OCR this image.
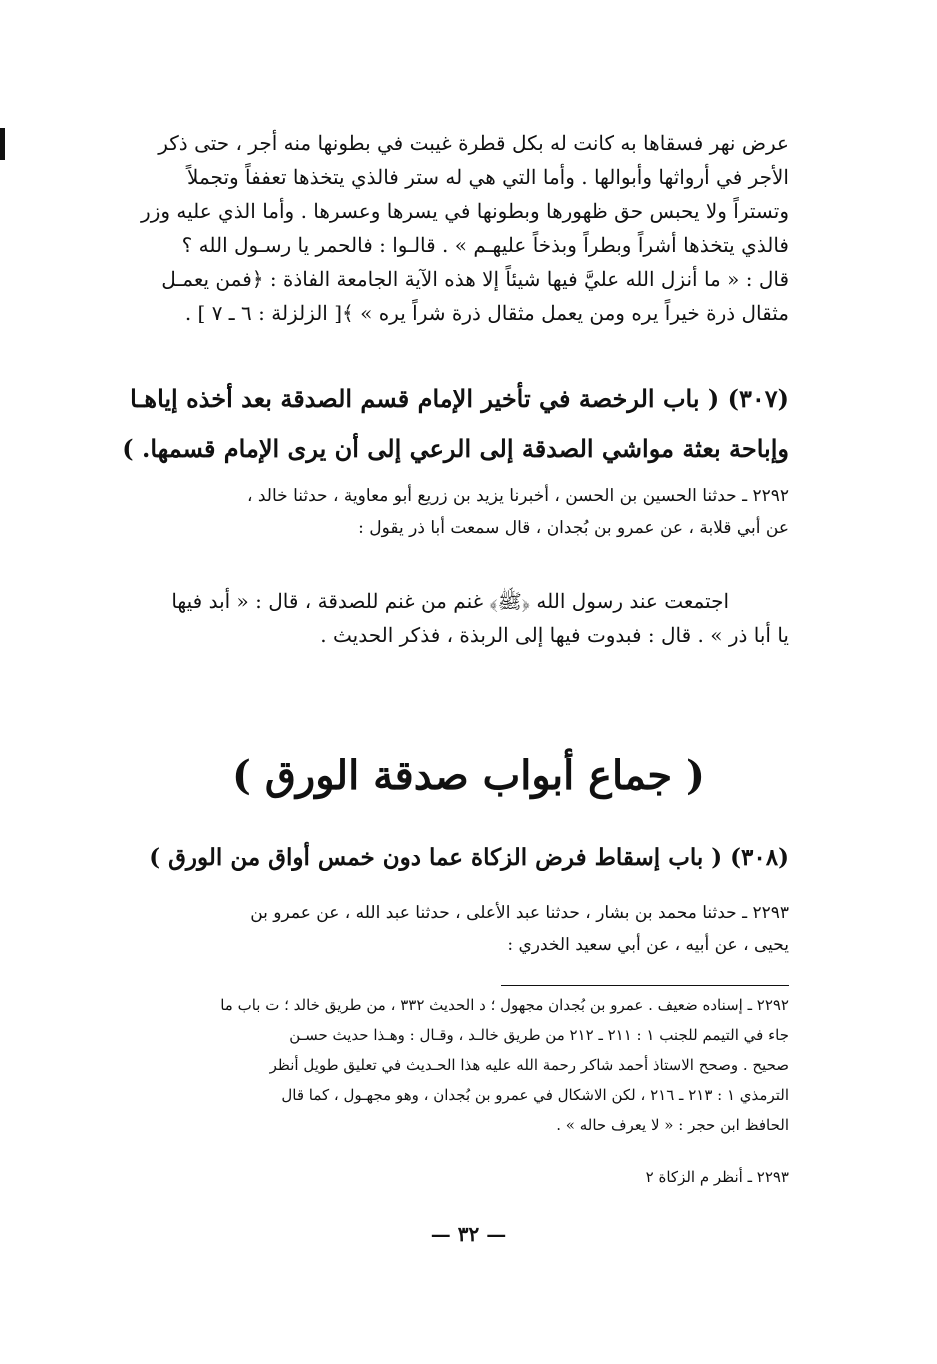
عرض نهر فسقاها به كانت له بكل قطرة غيبت في بطونها منه أجر ، حتى ذكر
الأجر في أرواثها وأبوالها . وأما التي هي له ستر فالذي يتخذها تعففاً وتجملاً
وتستراً ولا يحبس حق ظهورها وبطونها في يسرها وعسرها . وأما الذي عليه وزر
فالذي يتخذها أشراً وبطراً وبذخاً عليهـم » . قالـوا : فالحمر يا رسـول الله ؟
قال : « ما أنزل الله عليَّ فيها شيئاً إلا هذه الآية الجامعة الفاذة : ﴿فمن يعمـل
مثقال ذرة خيراً يره ومن يعمل مثقال ذرة شراً يره » ﴾[ الزلزلة : ٦ ـ ٧ ] .
(٣٠٧) ( باب الرخصة في تأخير الإمام قسم الصدقة بعد أخذه إياهـا
وإباحة بعثة مواشي الصدقة إلى الرعي إلى أن يرى الإمام قسمها. )
٢٢٩٢ ـ حدثنا الحسين بن الحسن ، أخبرنا يزيد بن زريع أبو معاوية ، حدثنا خالد ،
عن أبي قلابة ، عن عمرو بن بُجدان ، قال سمعت أبا ذر يقول :
اجتمعت عند رسول الله ﴿ﷺ﴾ غنم من غنم للصدقة ، قال : « أبد فيها
يا أبا ذر » . قال : فبدوت فيها إلى الربذة ، فذكر الحديث .
( جماع أبواب صدقة الورق )
(٣٠٨) ( باب إسقاط فرض الزكاة عما دون خمس أواق من الورق )
٢٢٩٣ ـ حدثنا محمد بن بشار ، حدثنا عبد الأعلى ، حدثنا عبد الله ، عن عمرو بن
يحيى ، عن أبيه ، عن أبي سعيد الخدري :
٢٢٩٢ ـ إسناده ضعيف . عمرو بن بُجدان مجهول ؛ د الحديث ٣٣٢ ، من طريق خالد ؛ ت باب ما
جاء في التيمم للجنب ١ : ٢١١ ـ ٢١٢ من طريق خالـد ، وقـال : وهـذا حديث حسـن
صحيح . وصحح الاستاذ أحمد شاكر رحمة الله عليه هذا الحـديث في تعليق طويل أنظر
الترمذي ١ : ٢١٣ ـ ٢١٦ ، لكن الاشكال في عمرو بن بُجدان ، وهو مجهـول ، كما قال
الحافظ ابن حجر : « لا يعرف حاله » .
٢٢٩٣ ـ أنظر م الزكاة ٢
— ٣٢ —
